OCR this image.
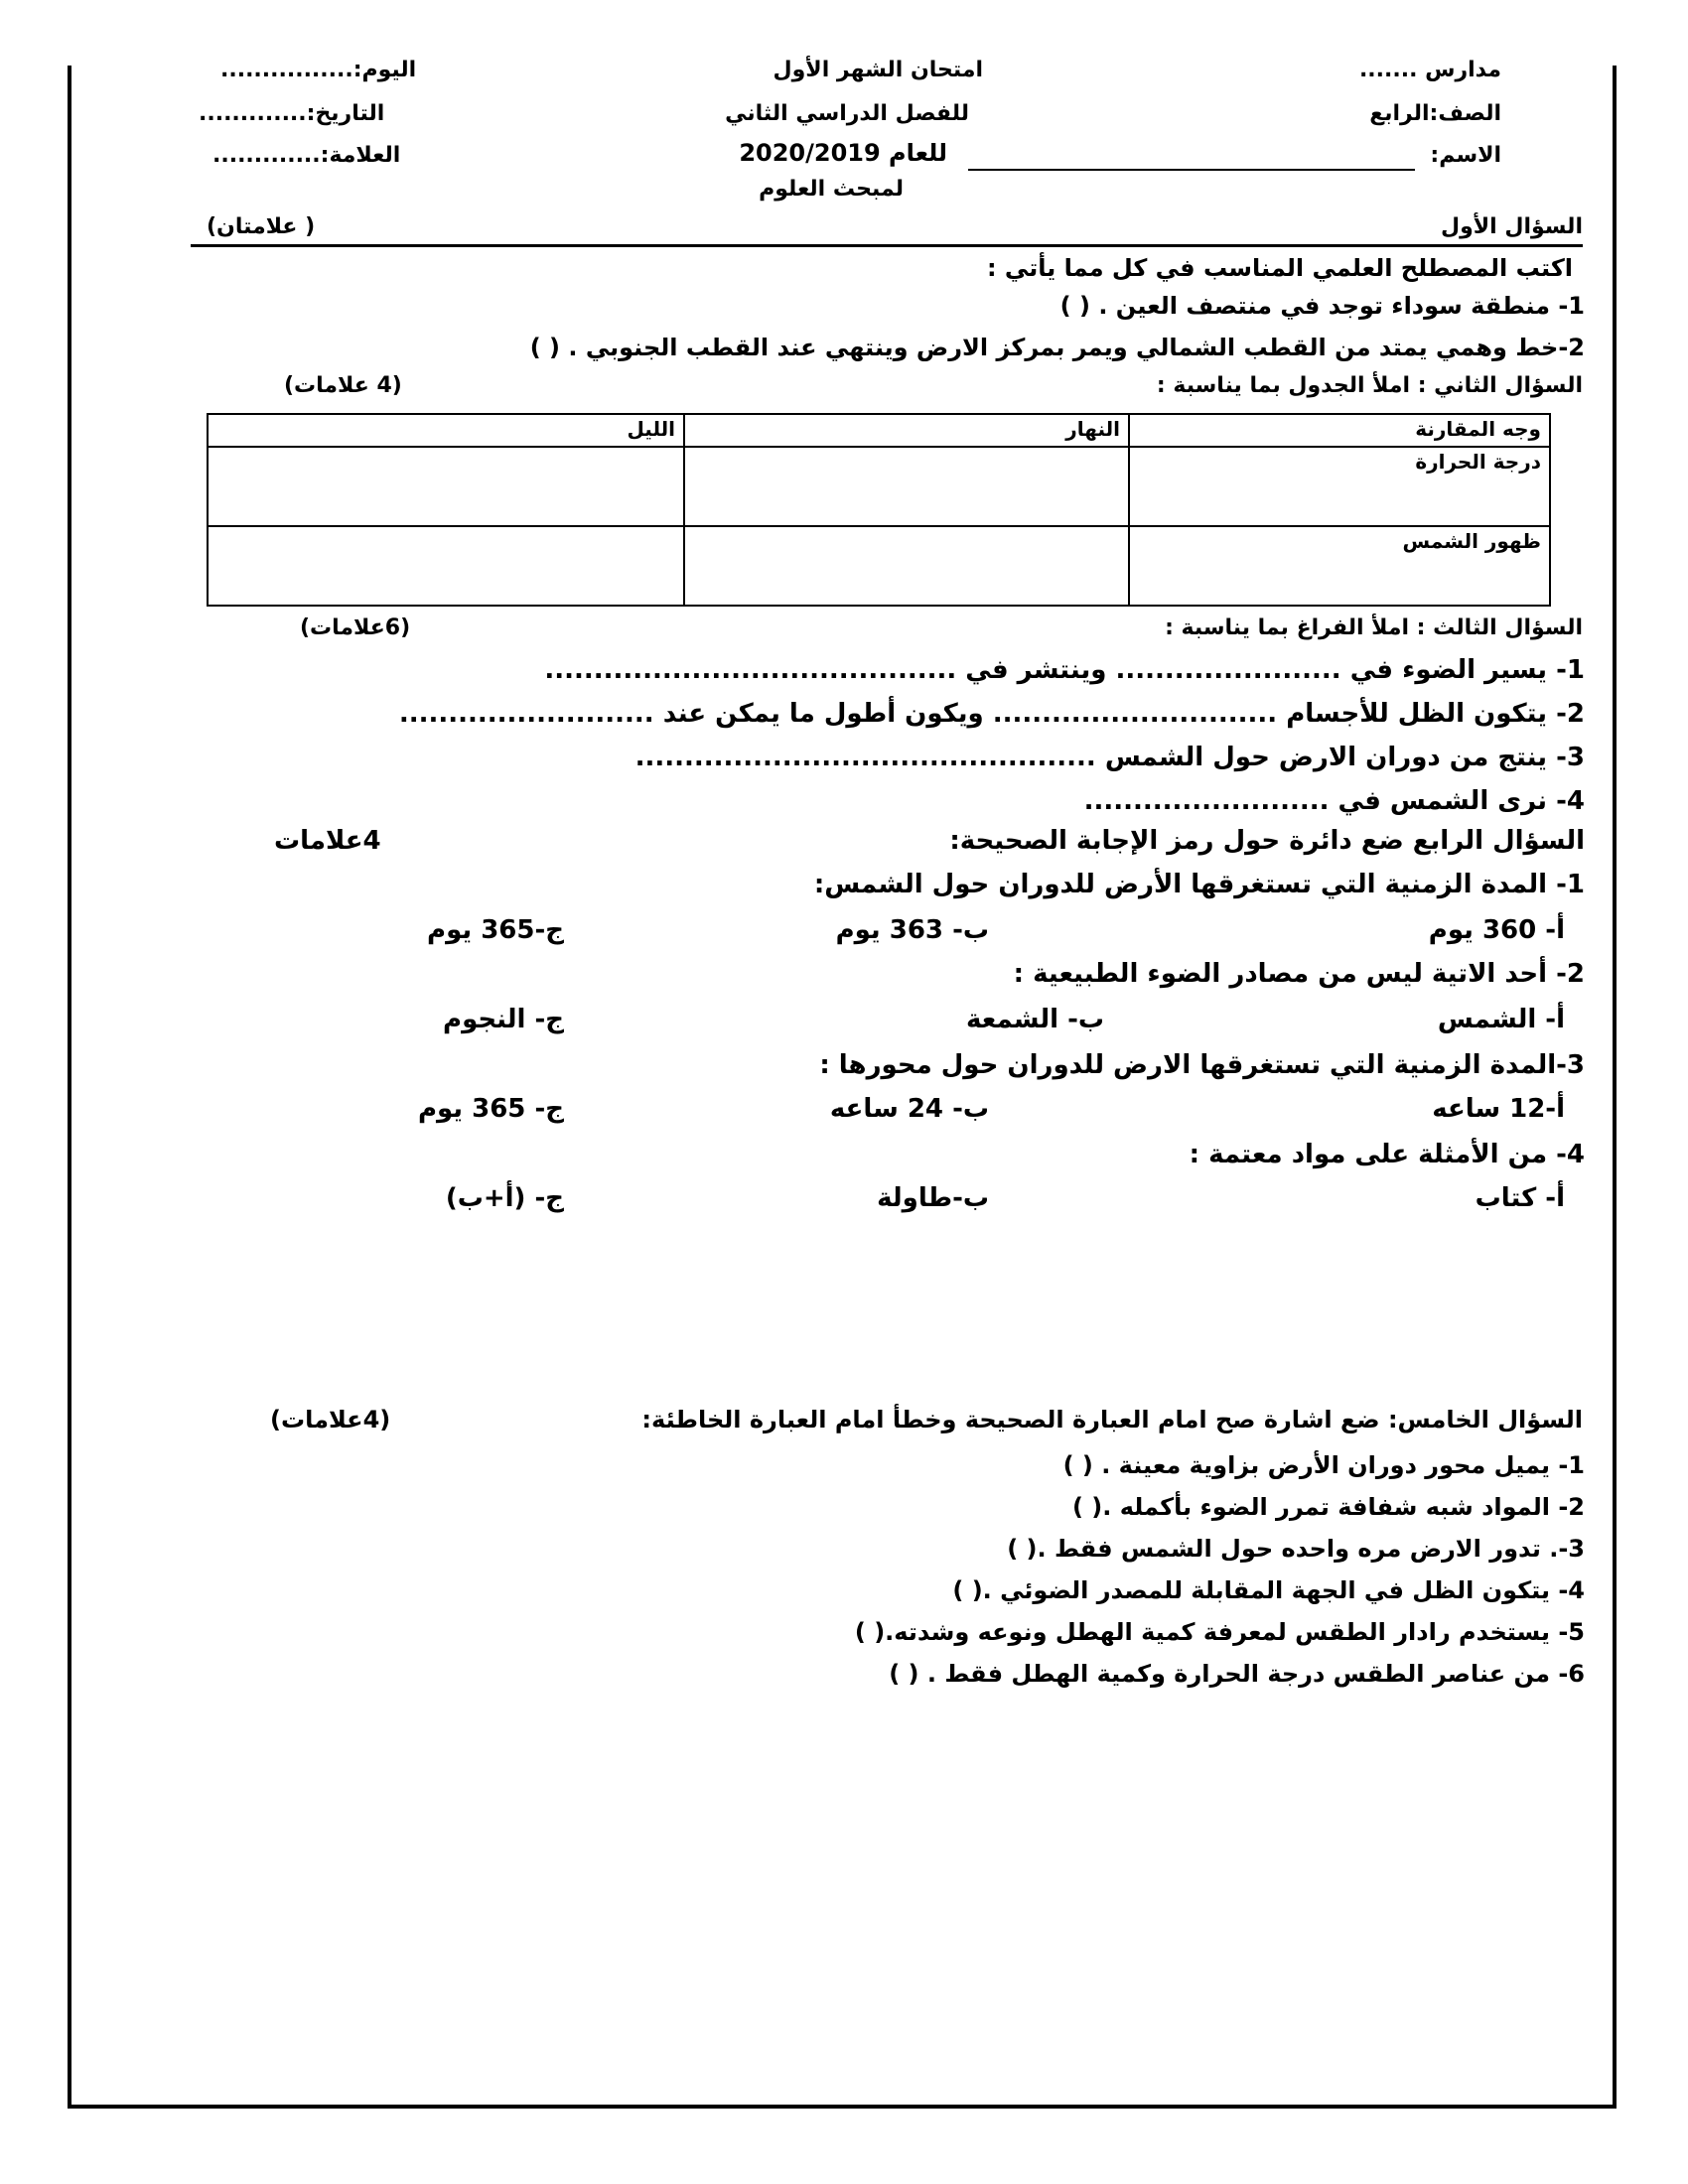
مدارس .......
الصف:الرابع
الاسم:
امتحان الشهر الأول
للفصل الدراسي الثاني
للعام 2020/2019
لمبحث العلوم
اليوم:................
التاريخ:.............
العلامة:.............
السؤال الأول
( علامتان)
اكتب المصطلح العلمي المناسب في كل مما يأتي :
1- منطقة سوداء توجد في منتصف العين . ( )
2-خط وهمي يمتد من القطب الشمالي ويمر بمركز الارض وينتهي عند القطب الجنوبي . ( )
السؤال الثاني : املأ الجدول بما يناسبة :
(4 علامات)
وجه المقارنة	النهار	الليل
درجة الحرارة		
ظهور الشمس		
السؤال الثالث : املأ الفراغ بما يناسبة :
(6علامات)
1- يسير الضوء في ....................... وينتشر في ..........................................
2- يتكون الظل للأجسام ............................. ويكون أطول ما يمكن عند ..........................
3- ينتج من دوران الارض حول الشمس ...............................................
4- نرى الشمس في .........................
السؤال الرابع ضع دائرة حول رمز الإجابة الصحيحة:
4علامات
1- المدة الزمنية التي تستغرقها الأرض للدوران حول الشمس:
أ- 360 يوم
ب- 363 يوم
ج-365 يوم
2- أحد الاتية ليس من مصادر الضوء الطبيعية :
أ- الشمس
ب- الشمعة
ج- النجوم
3-المدة الزمنية التي تستغرقها الارض للدوران حول محورها :
أ-12 ساعه
ب- 24 ساعه
ج- 365 يوم
4- من الأمثلة على مواد معتمة :
أ- كتاب
ب-طاولة
ج- (أ+ب)
السؤال الخامس: ضع اشارة صح امام العبارة الصحيحة وخطأ امام العبارة الخاطئة:
(4علامات)
1- يميل محور دوران الأرض بزاوية معينة . ( )
2- المواد شبه شفافة تمرر الضوء بأكمله .( )
3-. تدور الارض مره واحده حول الشمس فقط .( )
4- يتكون الظل في الجهة المقابلة للمصدر الضوئي .( )
5- يستخدم رادار الطقس لمعرفة كمية الهطل ونوعه وشدته.( )
6- من عناصر الطقس درجة الحرارة وكمية الهطل فقط . ( )
